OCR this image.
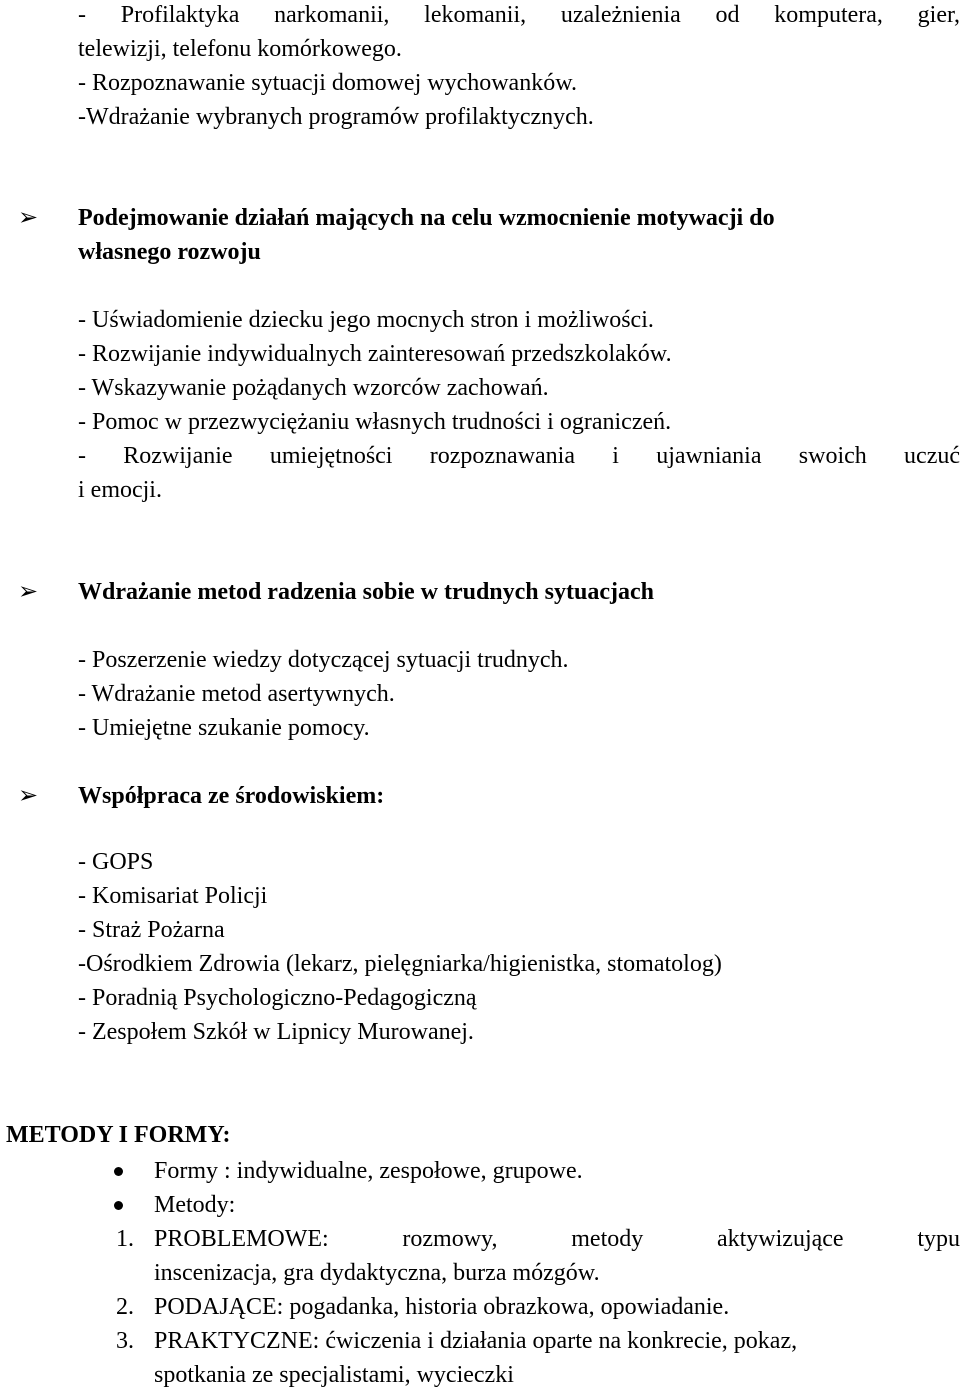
- Profilaktyka narkomanii, lekomanii, uzależnienia od komputera, gier,
telewizji, telefonu komórkowego.
- Rozpoznawanie sytuacji domowej wychowanków.
-Wdrażanie wybranych programów profilaktycznych.
➢ Podejmowanie działań mających na celu wzmocnienie motywacji do
własnego rozwoju
- Uświadomienie dziecku jego mocnych stron i możliwości.
- Rozwijanie indywidualnych zainteresowań przedszkolaków.
- Wskazywanie pożądanych wzorców zachowań.
- Pomoc w przezwyciężaniu własnych trudności i ograniczeń.
- Rozwijanie umiejętności rozpoznawania i ujawniania swoich uczuć
i emocji.
➢ Wdrażanie metod radzenia sobie w trudnych sytuacjach
- Poszerzenie wiedzy dotyczącej sytuacji trudnych.
- Wdrażanie metod asertywnych.
- Umiejętne szukanie pomocy.
➢ Współpraca ze środowiskiem:
- GOPS
- Komisariat Policji
- Straż Pożarna
-Ośrodkiem Zdrowia (lekarz, pielęgniarka/higienistka, stomatolog)
- Poradnią Psychologiczno-Pedagogiczną
- Zespołem Szkół w Lipnicy Murowanej.
METODY I FORMY:
Formy : indywidualne, zespołowe, grupowe.
Metody:
1. PROBLEMOWE: rozmowy, metody aktywizujące typu
inscenizacja, gra dydaktyczna, burza mózgów.
2. PODAJĄCE: pogadanka, historia obrazkowa, opowiadanie.
3. PRAKTYCZNE: ćwiczenia i działania oparte na konkrecie, pokaz,
spotkania ze specjalistami, wycieczki
